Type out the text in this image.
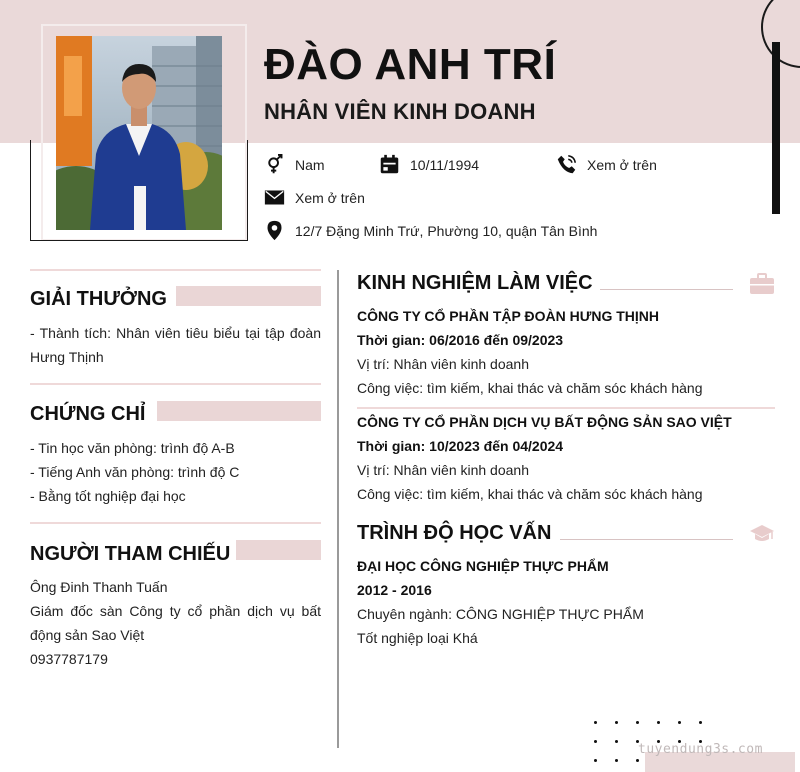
ĐÀO ANH TRÍ
NHÂN VIÊN KINH DOANH
Nam	10/11/1994	Xem ở trên
Xem ở trên
12/7 Đặng Minh Trứ, Phường 10, quận Tân Bình
GIẢI THƯỞNG
- Thành tích: Nhân viên tiêu biểu tại tập đoàn Hưng Thịnh
CHỨNG CHỈ
- Tin học văn phòng: trình độ A-B
- Tiếng Anh văn phòng: trình độ C
- Bằng tốt nghiệp đại học
NGƯỜI THAM CHIẾU
Ông Đinh Thanh Tuấn
Giám đốc sàn Công ty cổ phần dịch vụ bất động sản Sao Việt
0937787179
KINH NGHIỆM LÀM VIỆC
CÔNG TY CỔ PHẦN TẬP ĐOÀN HƯNG THỊNH
Thời gian: 06/2016 đến 09/2023
Vị trí: Nhân viên kinh doanh
Công việc: tìm kiếm, khai thác và chăm sóc khách hàng
CÔNG TY CỔ PHẦN DỊCH VỤ BẤT ĐỘNG SẢN SAO VIỆT
Thời gian: 10/2023 đến 04/2024
Vị trí: Nhân viên kinh doanh
Công việc: tìm kiếm, khai thác và chăm sóc khách hàng
TRÌNH ĐỘ HỌC VẤN
ĐẠI HỌC CÔNG NGHIỆP THỰC PHẨM
2012 - 2016
Chuyên ngành: CÔNG NGHIỆP THỰC PHẨM
Tốt nghiệp loại Khá
tuyendung3s.com
